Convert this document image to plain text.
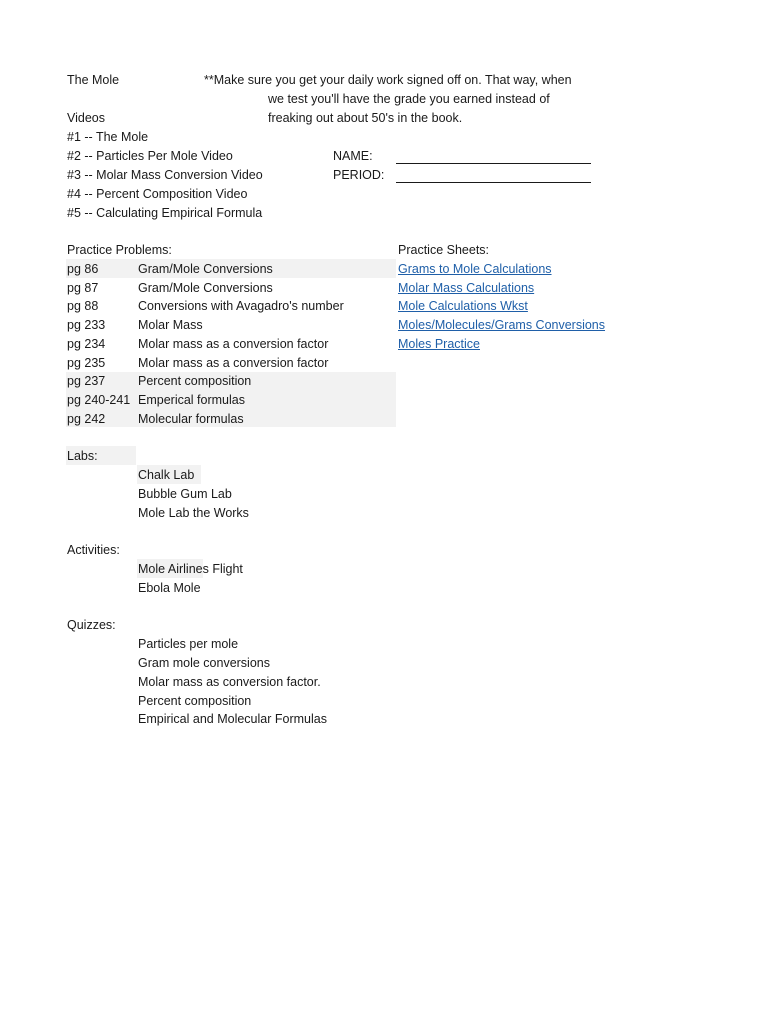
The Mole	**Make sure you get your daily work signed off on. That way, when
we test you'll have the grade you earned instead of
freaking out about 50's in the book.
Videos
#1 -- The Mole
#2 -- Particles Per Mole Video
#3 -- Molar Mass Conversion Video
#4 -- Percent Composition Video
#5 -- Calculating Empirical Formula
NAME:
PERIOD:
Practice Problems:
pg 86	Gram/Mole Conversions
pg 87	Gram/Mole Conversions
pg 88	Conversions with Avagadro's number
pg 233	Molar Mass
pg 234	Molar mass as a conversion factor
pg 235	Molar mass as a conversion factor
pg 237	Percent composition
pg 240-241 Emperical formulas
pg 242	Molecular formulas
Practice Sheets:
Grams to Mole Calculations
Molar Mass Calculations
Mole Calculations Wkst
Moles/Molecules/Grams Conversions
Moles Practice
Labs:
Chalk Lab
Bubble Gum Lab
Mole Lab the Works
Activities:
Mole Airlines Flight
Ebola Mole
Quizzes:
Particles per mole
Gram mole conversions
Molar mass as conversion factor.
Percent composition
Empirical and Molecular Formulas
